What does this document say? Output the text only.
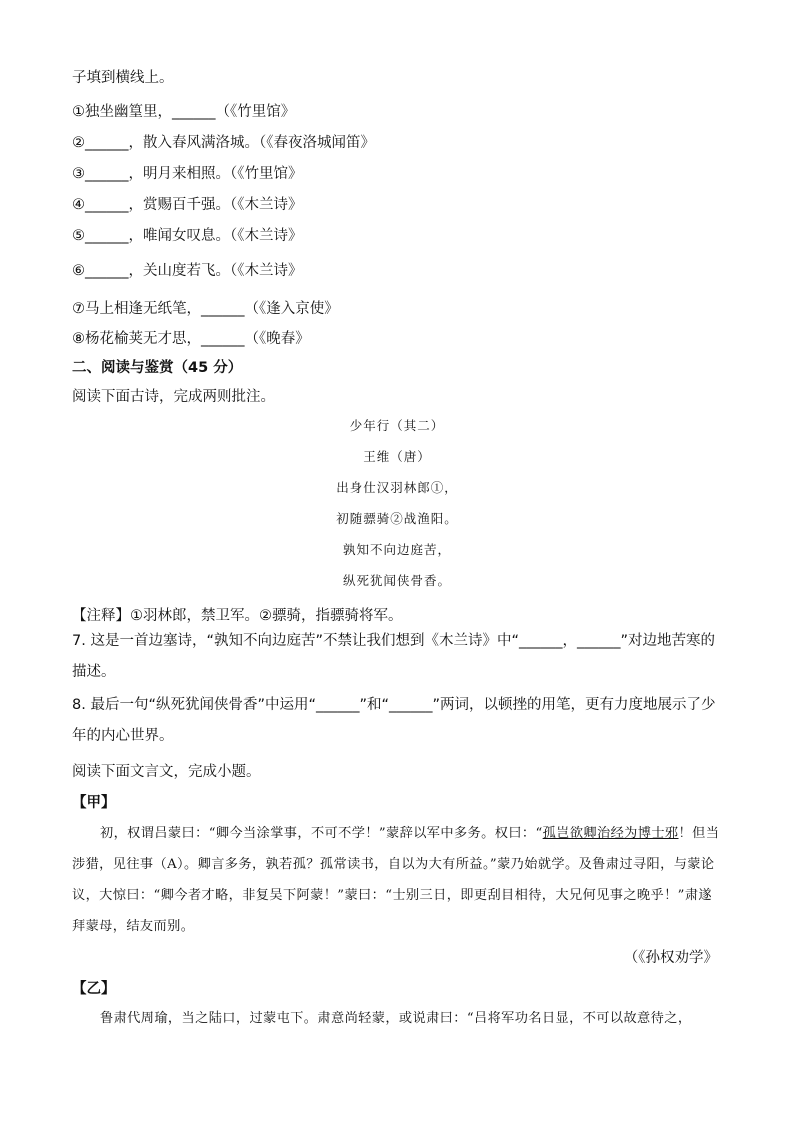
子填到横线上。
①独坐幽篁里，______（《竹里馆》
②______，散入春风满洛城。（《春夜洛城闻笛》
③______，明月来相照。（《竹里馆》
④______，赏赐百千强。（《木兰诗》
⑤______，唯闻女叹息。（《木兰诗》
⑥______，关山度若飞。（《木兰诗》
⑦马上相逢无纸笔，______（《逢入京使》
⑧杨花榆荚无才思，______（《晚春》
二、阅读与鉴赏（45 分）
阅读下面古诗，完成两则批注。
少年行（其二）
王维（唐）
出身仕汉羽林郎①，
初随骠骑②战渔阳。
孰知不向边庭苦，
纵死犹闻侠骨香。
【注释】①羽林郎，禁卫军。②骠骑，指骠骑将军。
7. 这是一首边塞诗，“孰知不向边庭苦”不禁让我们想到《木兰诗》中“______，______”对边地苦寒的描述。
8. 最后一句“纵死犹闻侠骨香”中运用“______”和“______”两词，以顿挫的用笔，更有力度地展示了少年的内心世界。
阅读下面文言文，完成小题。
【甲】
初，权谓吕蒙曰：“卿今当涂掌事，不可不学！”蒙辞以军中多务。权曰：“孤岂欲卿治经为博士邪！但当涉猎，见往事（A）。卿言多务，孰若孤？孤常读书，自以为大有所益。”蒙乃始就学。及鲁肃过寻阳，与蒙论议，大惊曰：“卿今者才略，非复吴下阿蒙！”蒙曰：“士别三日，即更刮目相待，大兄何见事之晚乎！”肃遂拜蒙母，结友而别。
（《孙权劝学》
【乙】
鲁肃代周瑜，当之陆口，过蒙屯下。肃意尚轻蒙，或说肃曰：“吕将军功名日显，不可以故意待之，
